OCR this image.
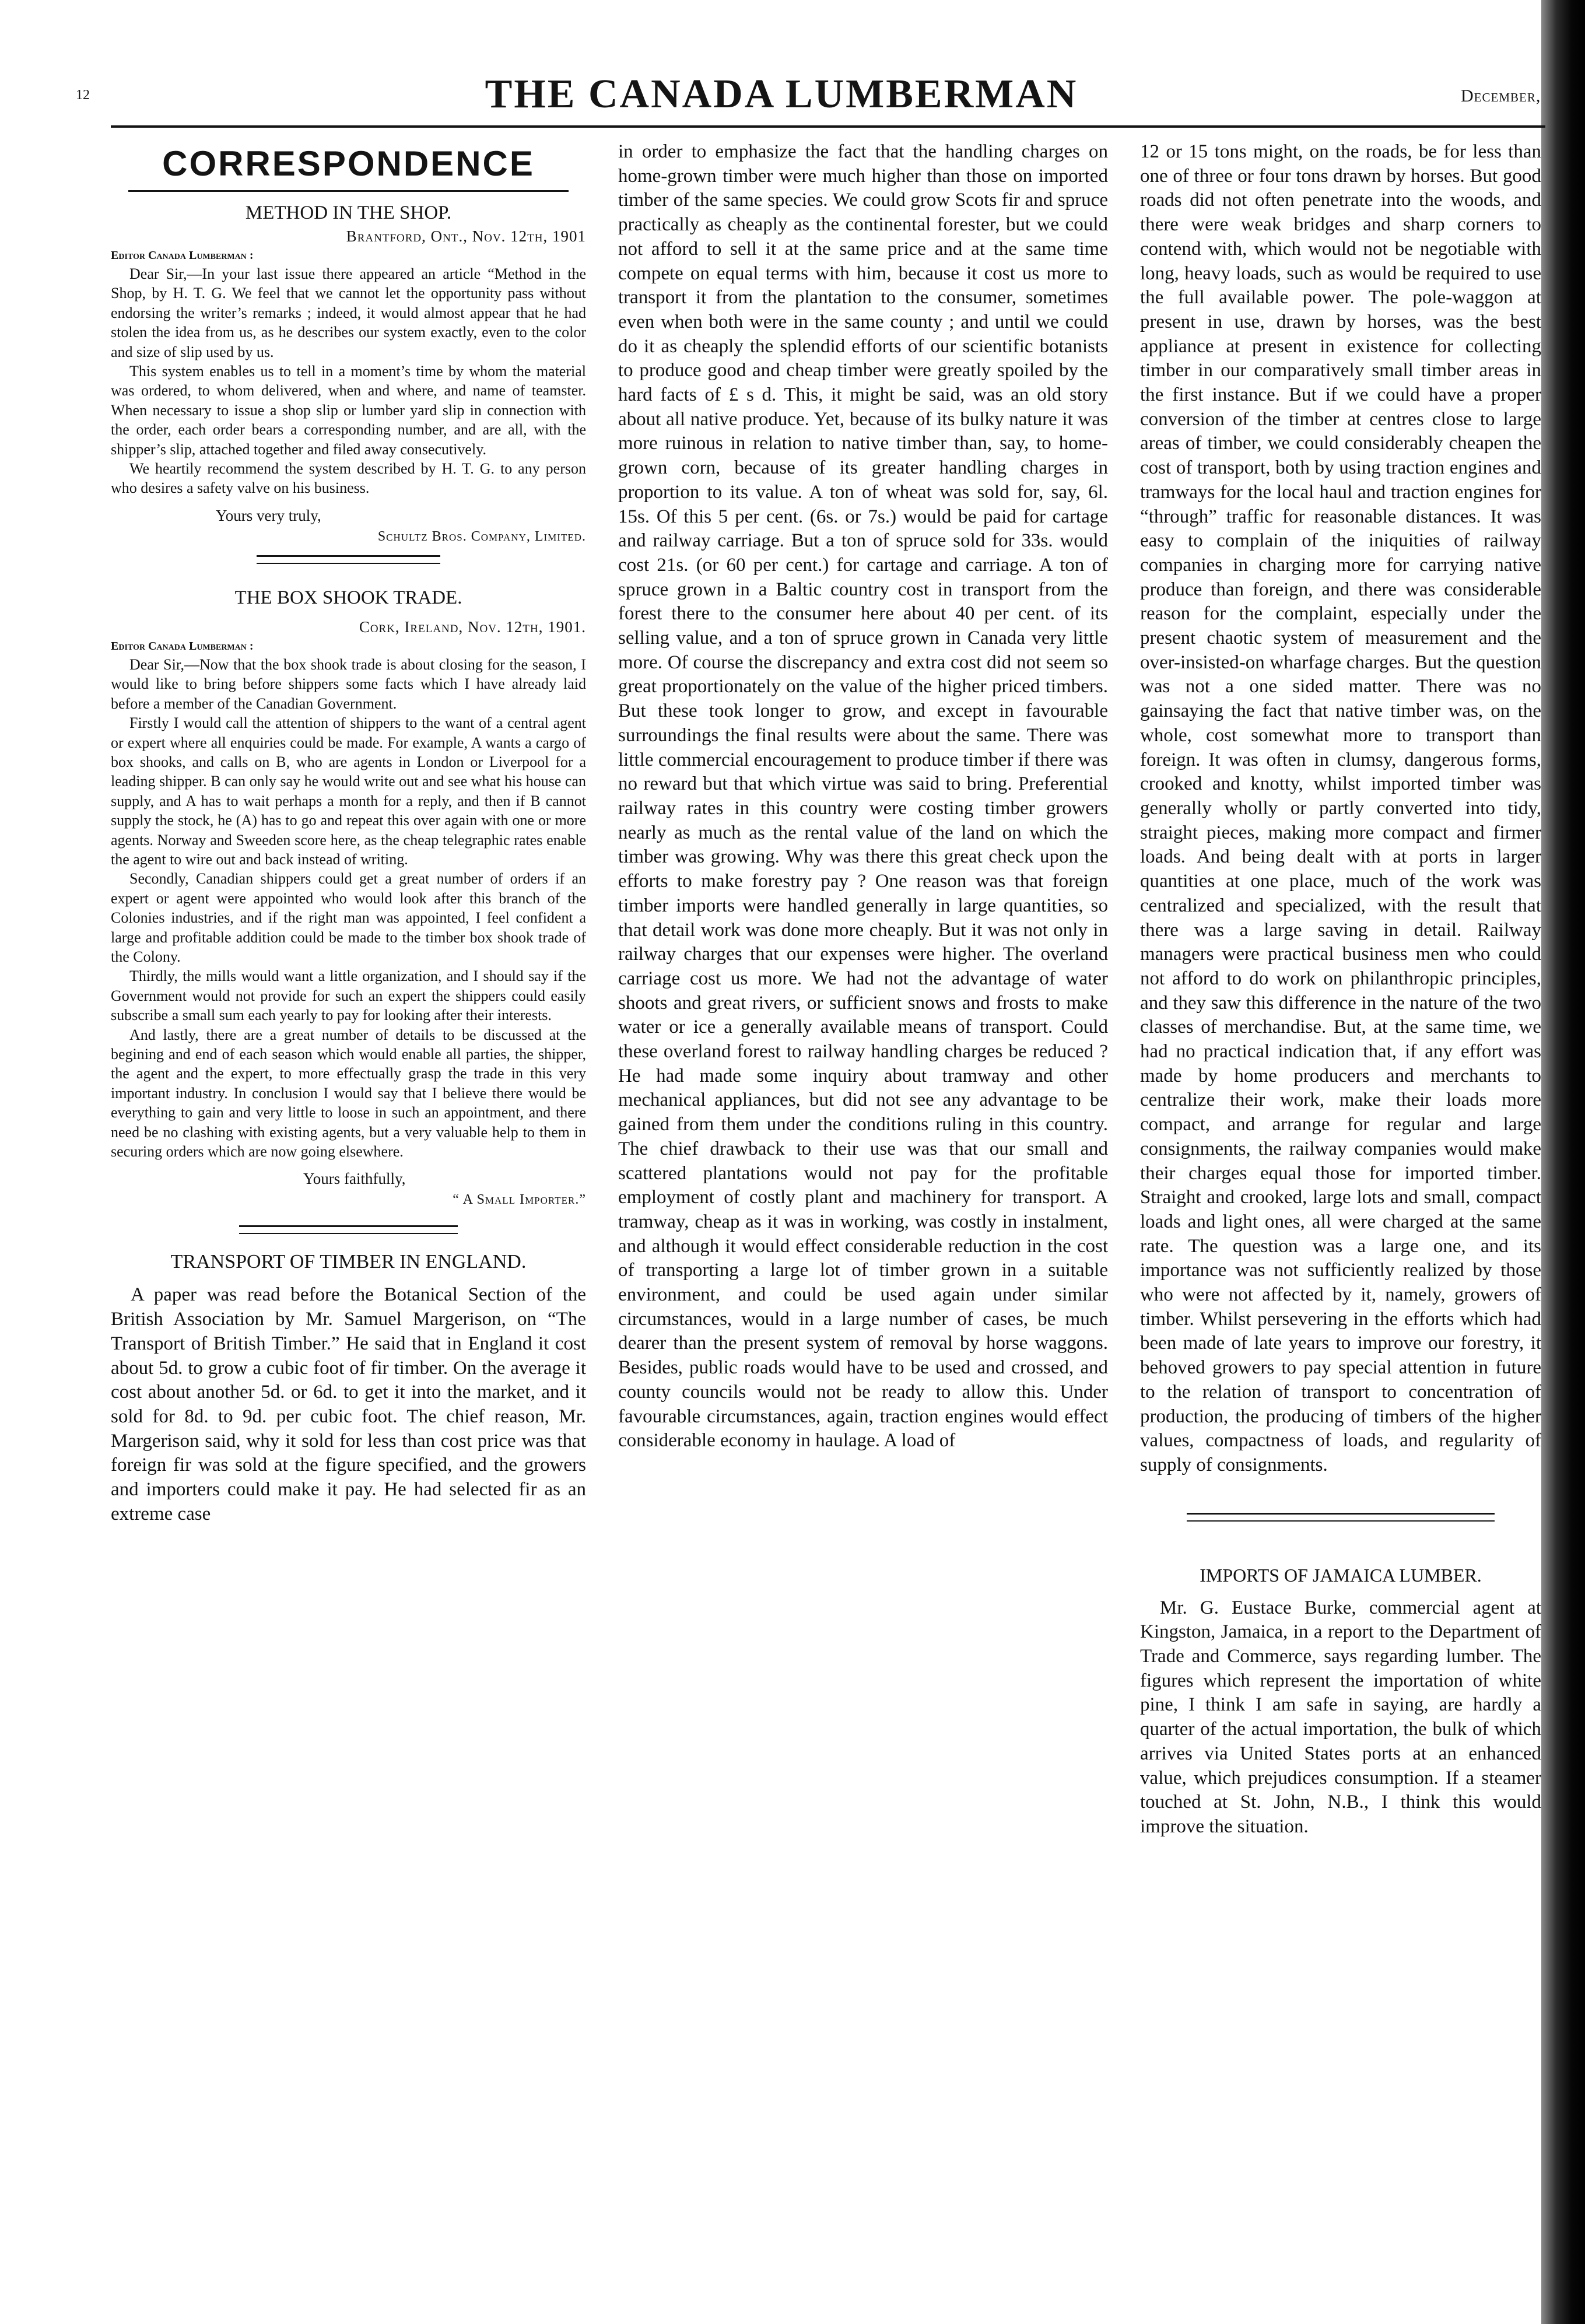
12	THE CANADA LUMBERMAN	December,
CORRESPONDENCE
METHOD IN THE SHOP.
Brantford, Ont., Nov. 12th, 1901
Editor Canada Lumberman :

Dear Sir,—In your last issue there appeared an article “Method in the Shop, by H. T. G. We feel that we cannot let the opportunity pass without endorsing the writer’s remarks ; indeed, it would almost appear that he had stolen the idea from us, as he describes our system exactly, even to the color and size of slip used by us.

This system enables us to tell in a moment’s time by whom the material was ordered, to whom delivered, when and where, and name of teamster. When necessary to issue a shop slip or lumber yard slip in connection with the order, each order bears a corresponding number, and are all, with the shipper’s slip, attached together and filed away consecutively.

We heartily recommend the system described by H. T. G. to any person who desires a safety valve on his business.

Yours very truly,
Schultz Bros. Company, Limited.
THE BOX SHOOK TRADE.
Cork, Ireland, Nov. 12th, 1901.
Editor Canada Lumberman :

Dear Sir,—Now that the box shook trade is about closing for the season, I would like to bring before shippers some facts which I have already laid before a member of the Canadian Government.

Firstly I would call the attention of shippers to the want of a central agent or expert where all enquiries could be made. For example, A wants a cargo of box shooks, and calls on B, who are agents in London or Liverpool for a leading shipper. B can only say he would write out and see what his house can supply, and A has to wait perhaps a month for a reply, and then if B cannot supply the stock, he (A) has to go and repeat this over again with one or more agents. Norway and Sweeden score here, as the cheap telegraphic rates enable the agent to wire out and back instead of writing.

Secondly, Canadian shippers could get a great number of orders if an expert or agent were appointed who would look after this branch of the Colonies industries, and if the right man was appointed, I feel confident a large and profitable addition could be made to the timber box shook trade of the Colony.

Thirdly, the mills would want a little organization, and I should say if the Government would not provide for such an expert the shippers could easily subscribe a small sum each yearly to pay for looking after their interests.

And lastly, there are a great number of details to be discussed at the begining and end of each season which would enable all parties, the shipper, the agent and the expert, to more effectually grasp the trade in this very important industry. In conclusion I would say that I believe there would be everything to gain and very little to loose in such an appointment, and there need be no clashing with existing agents, but a very valuable help to them in securing orders which are now going elsewhere.

Yours faithfully,
“ A Small Importer.”
TRANSPORT OF TIMBER IN ENGLAND.

A paper was read before the Botanical Section of the British Association by Mr. Samuel Margerison, on “The Transport of British Timber.” He said that in England it cost about 5d. to grow a cubic foot of fir timber. On the average it cost about another 5d. or 6d. to get it into the market, and it sold for 8d. to 9d. per cubic foot. The chief reason, Mr. Margerison said, why it sold for less than cost price was that foreign fir was sold at the figure specified, and the growers and importers could make it pay. He had selected fir as an extreme case

in order to emphasize the fact that the handling charges on home-grown timber were much higher than those on imported timber of the same species. We could grow Scots fir and spruce practically as cheaply as the continental forester, but we could not afford to sell it at the same price and at the same time compete on equal terms with him, because it cost us more to transport it from the plantation to the consumer, sometimes even when both were in the same county ; and until we could do it as cheaply the splendid efforts of our scientific botanists to produce good and cheap timber were greatly spoiled by the hard facts of £ s d. This, it might be said, was an old story about all native produce. Yet, because of its bulky nature it was more ruinous in relation to native timber than, say, to home-grown corn, because of its greater handling charges in proportion to its value. A ton of wheat was sold for, say, 6l. 15s. Of this 5 per cent. (6s. or 7s.) would be paid for cartage and railway carriage. But a ton of spruce sold for 33s. would cost 21s. (or 60 per cent.) for cartage and carriage. A ton of spruce grown in a Baltic country cost in transport from the forest there to the consumer here about 40 per cent. of its selling value, and a ton of spruce grown in Canada very little more. Of course the discrepancy and extra cost did not seem so great proportionately on the value of the higher priced timbers. But these took longer to grow, and except in favourable surroundings the final results were about the same. There was little commercial encouragement to produce timber if there was no reward but that which virtue was said to bring. Preferential railway rates in this country were costing timber growers nearly as much as the rental value of the land on which the timber was growing. Why was there this great check upon the efforts to make forestry pay ? One reason was that foreign timber imports were handled generally in large quantities, so that detail work was done more cheaply. But it was not only in railway charges that our expenses were higher. The overland carriage cost us more. We had not the advantage of water shoots and great rivers, or sufficient snows and frosts to make water or ice a generally available means of transport. Could these overland forest to railway handling charges be reduced ? He had made some inquiry about tramway and other mechanical appliances, but did not see any advantage to be gained from them under the conditions ruling in this country. The chief drawback to their use was that our small and scattered plantations would not pay for the profitable employment of costly plant and machinery for transport. A tramway, cheap as it was in working, was costly in instalment, and although it would effect considerable reduction in the cost of transporting a large lot of timber grown in a suitable environment, and could be used again under similar circumstances, would in a large number of cases, be much dearer than the present system of removal by horse waggons. Besides, public roads would have to be used and crossed, and county councils would not be ready to allow this. Under favourable circumstances, again, traction engines would effect considerable economy in haulage. A load of

12 or 15 tons might, on the roads, be for less than one of three or four tons drawn by horses. But good roads did not often penetrate into the woods, and there were weak bridges and sharp corners to contend with, which would not be negotiable with long, heavy loads, such as would be required to use the full available power. The pole-waggon at present in use, drawn by horses, was the best appliance at present in existence for collecting timber in our comparatively small timber areas in the first instance. But if we could have a proper conversion of the timber at centres close to large areas of timber, we could considerably cheapen the cost of transport, both by using traction engines and tramways for the local haul and traction engines for “through” traffic for reasonable distances. It was easy to complain of the iniquities of railway companies in charging more for carrying native produce than foreign, and there was considerable reason for the complaint, especially under the present chaotic system of measurement and the over-insisted-on wharfage charges. But the question was not a one sided matter. There was no gainsaying the fact that native timber was, on the whole, cost somewhat more to transport than foreign. It was often in clumsy, dangerous forms, crooked and knotty, whilst imported timber was generally wholly or partly converted into tidy, straight pieces, making more compact and firmer loads. And being dealt with at ports in larger quantities at one place, much of the work was centralized and specialized, with the result that there was a large saving in detail. Railway managers were practical business men who could not afford to do work on philanthropic principles, and they saw this difference in the nature of the two classes of merchandise. But, at the same time, we had no practical indication that, if any effort was made by home producers and merchants to centralize their work, make their loads more compact, and arrange for regular and large consignments, the railway companies would make their charges equal those for imported timber. Straight and crooked, large lots and small, compact loads and light ones, all were charged at the same rate. The question was a large one, and its importance was not sufficiently realized by those who were not affected by it, namely, growers of timber. Whilst persevering in the efforts which had been made of late years to improve our forestry, it behoved growers to pay special attention in future to the relation of transport to concentration of production, the producing of timbers of the higher values, compactness of loads, and regularity of supply of consignments.

IMPORTS OF JAMAICA LUMBER.

Mr. G. Eustace Burke, commercial agent at Kingston, Jamaica, in a report to the Department of Trade and Commerce, says regarding lumber. The figures which represent the importation of white pine, I think I am safe in saying, are hardly a quarter of the actual importation, the bulk of which arrives via United States ports at an enhanced value, which prejudices consumption. If a steamer touched at St. John, N.B., I think this would improve the situation.
